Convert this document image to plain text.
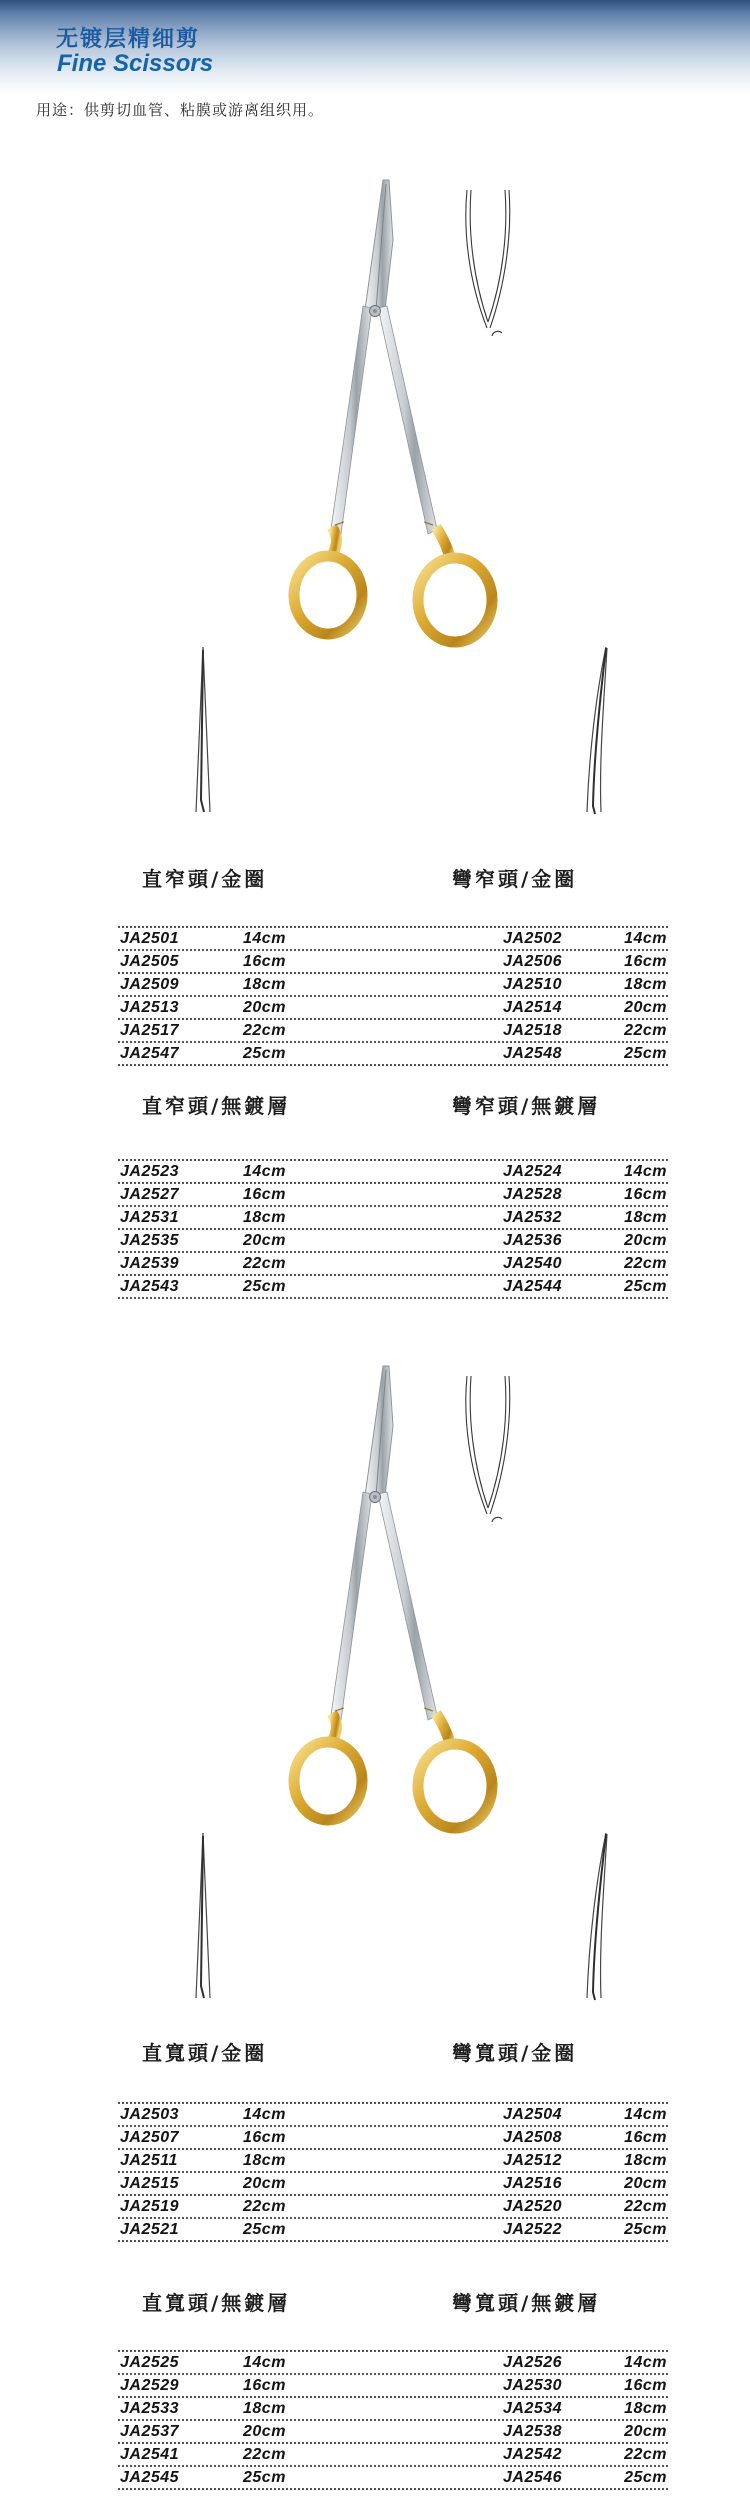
无镀层精细剪
Fine Scissors
用途：供剪切血管、粘膜或游离组织用。
直窄頭/金圈	彎窄頭/金圈
JA2501	14cm	JA2502	14cm
JA2505	16cm	JA2506	16cm
JA2509	18cm	JA2510	18cm
JA2513	20cm	JA2514	20cm
JA2517	22cm	JA2518	22cm
JA2547	25cm	JA2548	25cm
直窄頭/無鍍層	彎窄頭/無鍍層
JA2523	14cm	JA2524	14cm
JA2527	16cm	JA2528	16cm
JA2531	18cm	JA2532	18cm
JA2535	20cm	JA2536	20cm
JA2539	22cm	JA2540	22cm
JA2543	25cm	JA2544	25cm
直寬頭/金圈	彎寬頭/金圈
JA2503	14cm	JA2504	14cm
JA2507	16cm	JA2508	16cm
JA2511	18cm	JA2512	18cm
JA2515	20cm	JA2516	20cm
JA2519	22cm	JA2520	22cm
JA2521	25cm	JA2522	25cm
直寬頭/無鍍層	彎寬頭/無鍍層
JA2525	14cm	JA2526	14cm
JA2529	16cm	JA2530	16cm
JA2533	18cm	JA2534	18cm
JA2537	20cm	JA2538	20cm
JA2541	22cm	JA2542	22cm
JA2545	25cm	JA2546	25cm
